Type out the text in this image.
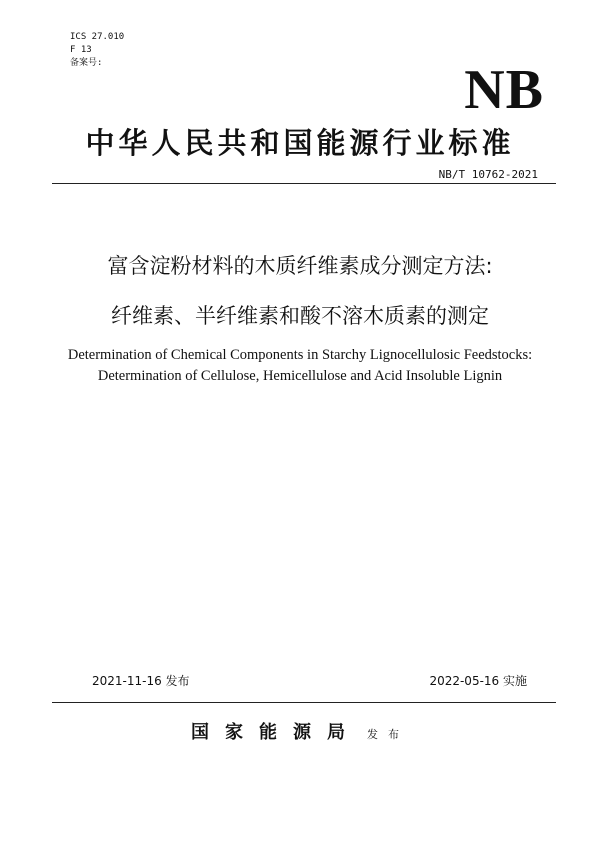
ICS 27.010
F 13
备案号:	NB
中华人民共和国能源行业标准
NB/T 10762-2021
富含淀粉材料的木质纤维素成分测定方法:
纤维素、半纤维素和酸不溶木质素的测定
Determination of Chemical Components in Starchy Lignocellulosic Feedstocks:
Determination of Cellulose, Hemicellulose and Acid Insoluble Lignin
2021-11-16 发布	2022-05-16 实施
国家能源局 发布
